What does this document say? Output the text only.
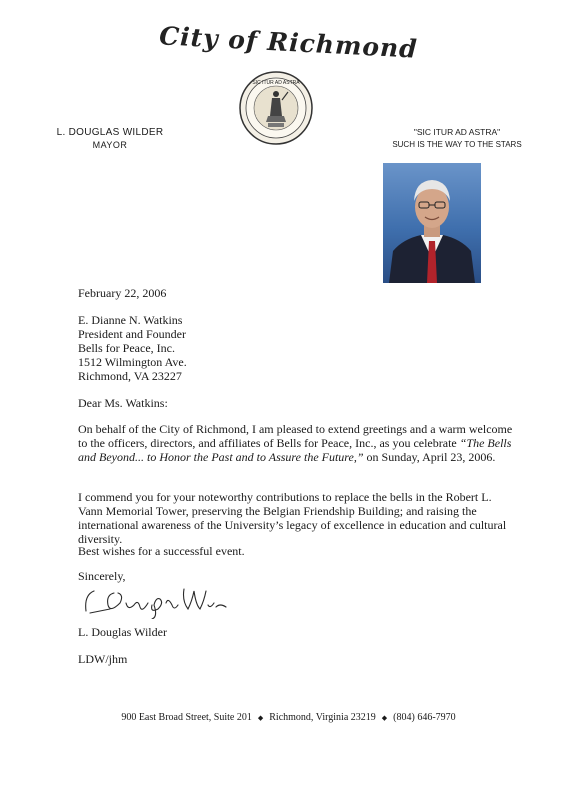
City of Richmond
SIC ITUR AD ASTRA
L. DOUGLAS WILDER
MAYOR
"SIC ITUR AD ASTRA"
SUCH IS THE WAY TO THE STARS
February 22, 2006
E. Dianne N. Watkins
President and Founder
Bells for Peace, Inc.
1512 Wilmington Ave.
Richmond, VA 23227
Dear Ms. Watkins:
On behalf of the City of Richmond, I am pleased to extend greetings and a warm welcome to the officers, directors, and affiliates of Bells for Peace, Inc., as you celebrate “The Bells and Beyond... to Honor the Past and to Assure the Future,” on Sunday, April 23, 2006.
I commend you for your noteworthy contributions to replace the bells in the Robert L. Vann Memorial Tower, preserving the Belgian Friendship Building; and raising the international awareness of the University’s legacy of excellence in education and cultural diversity.
Best wishes for a successful event.
Sincerely,
L. Douglas Wilder
LDW/jhm
900 East Broad Street, Suite 201 ◆ Richmond, Virginia 23219 ◆ (804) 646-7970
